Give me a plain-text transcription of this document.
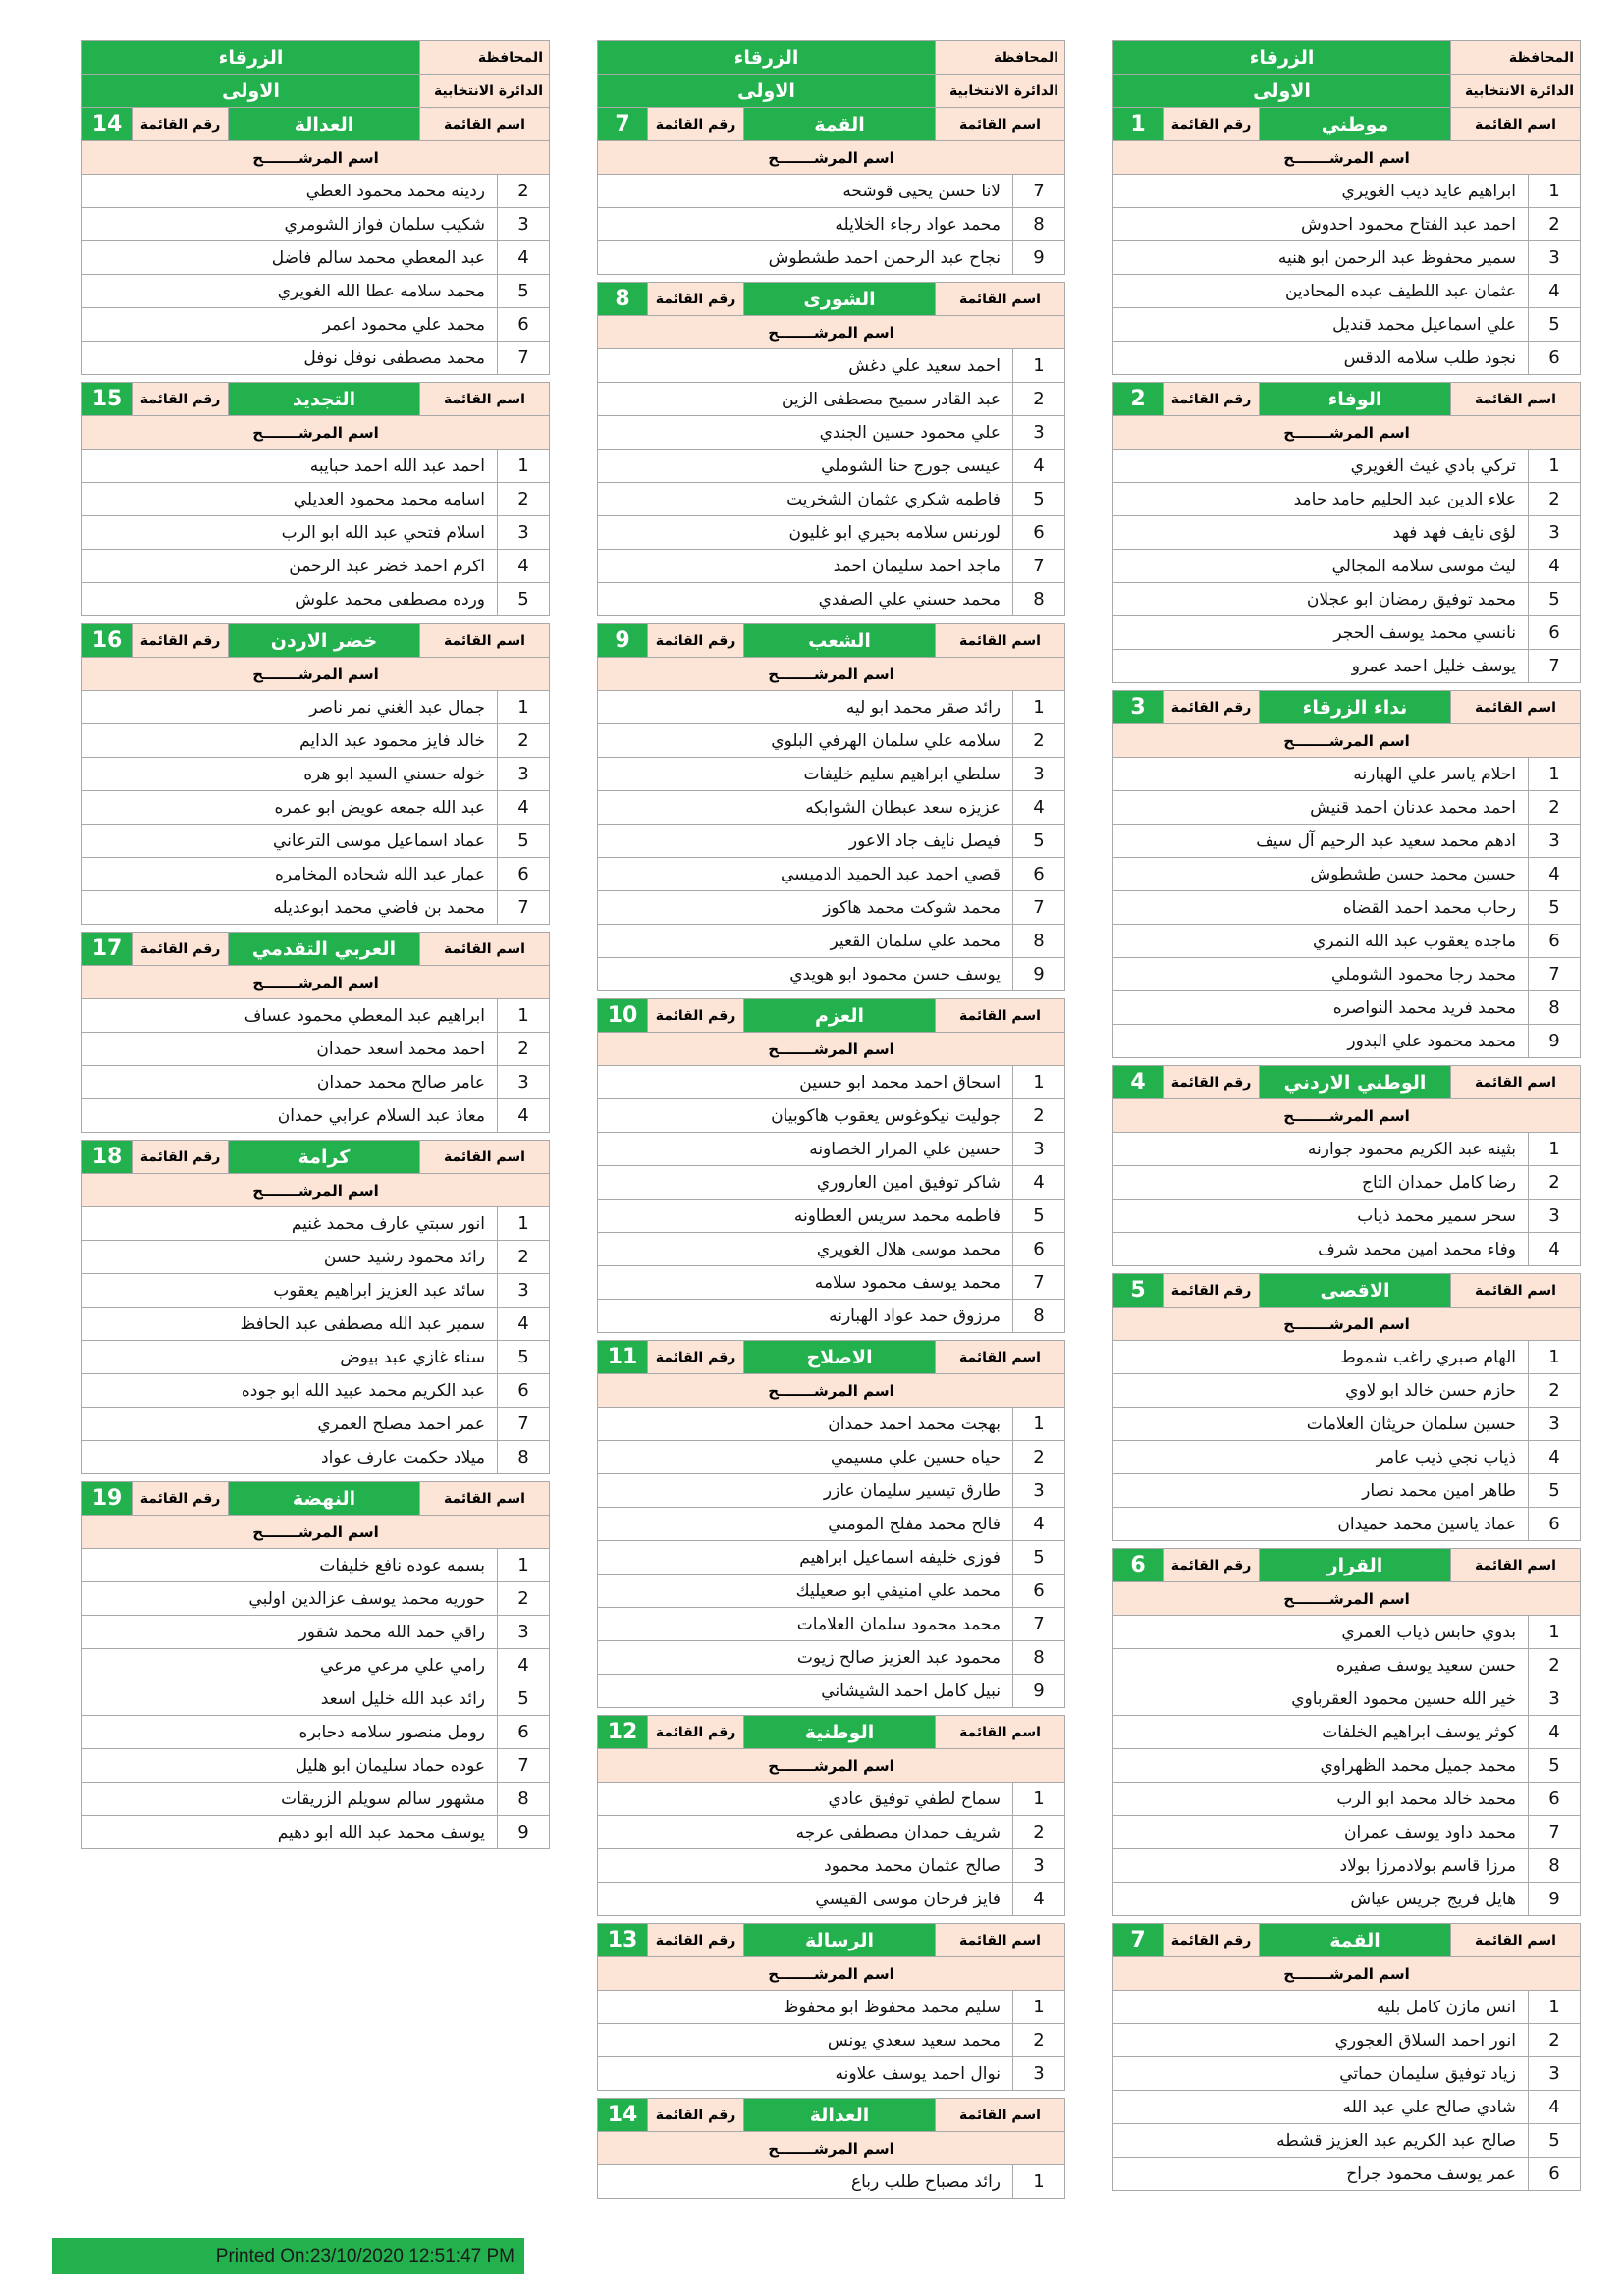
المحافظة
الزرقاء
الدائرة الانتخابية
الاولى
اسم القائمة
موطني
رقم القائمة
1
اسم المرشـــــــح
1
ابراهيم عايد ذيب الغويري
2
احمد عبد الفتاح محمود احدوش
3
سمير محفوظ عبد الرحمن ابو هنيه
4
عثمان عبد اللطيف عبده المحادين
5
علي اسماعيل محمد قنديل
6
نجود طلب سلامه الدقس
اسم القائمة
الوفاء
رقم القائمة
2
اسم المرشـــــــح
1
تركي بادي غيث الغويري
2
علاء الدين عبد الحليم حامد حامد
3
لؤى نايف فهد فهد
4
ليث موسى سلامه المجالي
5
محمد توفيق رمضان ابو عجلان
6
نانسي محمد يوسف الحجر
7
يوسف خليل احمد عمرو
اسم القائمة
نداء الزرقاء
رقم القائمة
3
اسم المرشـــــــح
1
احلام ياسر علي الهبارنه
2
احمد محمد عدنان احمد قنيش
3
ادهم محمد سعيد عبد الرحيم آل سيف
4
حسين محمد حسن طشطوش
5
رحاب محمد احمد القضاه
6
ماجده يعقوب عبد الله النمري
7
محمد رجا محمود الشوملي
8
محمد فريد محمد النواصره
9
محمد محمود علي البدور
اسم القائمة
الوطني الاردني
رقم القائمة
4
اسم المرشـــــــح
1
بثينه عبد الكريم محمود جوارنه
2
رضا كامل حمدان التاج
3
سحر سمير محمد ذياب
4
وفاء محمد امين محمد شرف
اسم القائمة
الاقصى
رقم القائمة
5
اسم المرشـــــــح
1
الهام صبري راغب شموط
2
حازم حسن خالد ابو لاوي
3
حسين سلمان حريثان العلامات
4
ذياب نجي ذيب عامر
5
طاهر امين محمد نصار
6
عماد ياسين محمد حميدان
اسم القائمة
القرار
رقم القائمة
6
اسم المرشـــــــح
1
بدوي حابس ذياب العمري
2
حسن سعيد يوسف صفيره
3
خير الله حسين محمود العقرباوي
4
كوثر يوسف ابراهيم الخلفات
5
محمد جميل محمد الظهراوي
6
محمد خالد محمد ابو الرب
7
محمد داود يوسف عمران
8
مرزا قاسم بولادمرزا بولاد
9
هايل فريج جريس عياش
اسم القائمة
القمة
رقم القائمة
7
اسم المرشـــــــح
1
انس مازن كامل بليه
2
انور احمد السلاق العجوري
3
زياد توفيق سليمان حماتي
4
شادي صالح علي عبد الله
5
صالح عبد الكريم عبد العزيز قشطه
6
عمر يوسف محمود جراح
المحافظة
الزرقاء
الدائرة الانتخابية
الاولى
اسم القائمة
القمة
رقم القائمة
7
اسم المرشـــــــح
7
لانا حسن يحيى قوشحه
8
محمد عواد رجاء الخلايله
9
نجاح عبد الرحمن احمد طشطوش
اسم القائمة
الشورى
رقم القائمة
8
اسم المرشـــــــح
1
احمد سعيد علي دغش
2
عبد القادر سميح مصطفى الزين
3
علي محمود حسين الجندي
4
عيسى جورج حنا الشوملي
5
فاطمه شكري عثمان الشخريت
6
لورنس سلامه بحيري ابو غليون
7
ماجد احمد سليمان احمد
8
محمد حسني علي الصفدي
اسم القائمة
الشعب
رقم القائمة
9
اسم المرشـــــــح
1
رائد صقر محمد ابو ليه
2
سلامه علي سلمان الهرفي البلوي
3
سلطي ابراهيم سليم خليفات
4
عزيزه سعد عبطان الشوابكه
5
فيصل نايف جاد الاعور
6
قصي احمد عبد الحميد الدميسي
7
محمد شوكت محمد هاكوز
8
محمد علي سلمان القعير
9
يوسف حسن محمود ابو هويدي
اسم القائمة
العزم
رقم القائمة
10
اسم المرشـــــــح
1
اسحاق احمد محمد ابو حسين
2
جوليت نيكوغوس يعقوب هاكوبيان
3
حسين علي المرار الخصاونه
4
شاكر توفيق امين العاروري
5
فاطمه محمد سريس العطاونه
6
محمد موسى هلال الغويري
7
محمد يوسف محمود سلامه
8
مرزوق حمد عواد الهبارنه
اسم القائمة
الاصلاح
رقم القائمة
11
اسم المرشـــــــح
1
بهجت محمد احمد حمدان
2
حياه حسين علي مسيمي
3
طارق تيسير سليمان عازر
4
فالح محمد مفلح المومني
5
فوزى خليفه اسماعيل ابراهيم
6
محمد علي امنيفي ابو صعيليك
7
محمد محمود سلمان العلامات
8
محمود عبد العزيز صالح زيوت
9
نبيل كامل احمد الشيشاني
اسم القائمة
الوطنية
رقم القائمة
12
اسم المرشـــــــح
1
سماح لطفي توفيق عادي
2
شريف حمدان مصطفى عرجه
3
صالح عثمان محمد محمود
4
فايز فرحان موسى القيسي
اسم القائمة
الرسالة
رقم القائمة
13
اسم المرشـــــــح
1
سليم محمد محفوظ ابو محفوظ
2
محمد سعيد سعدي يونس
3
نوال احمد يوسف علاونه
اسم القائمة
العدالة
رقم القائمة
14
اسم المرشـــــــح
1
رائد مصباح طلب رباع
المحافظة
الزرقاء
الدائرة الانتخابية
الاولى
اسم القائمة
العدالة
رقم القائمة
14
اسم المرشـــــــح
2
ردينه محمد محمود العطي
3
شكيب سلمان فواز الشومري
4
عبد المعطي محمد سالم فاضل
5
محمد سلامه عطا الله الغويري
6
محمد علي محمود اعمر
7
محمد مصطفى نوفل نوفل
اسم القائمة
التجديد
رقم القائمة
15
اسم المرشـــــــح
1
احمد عبد الله احمد حبايبه
2
اسامه محمد محمود العديلي
3
اسلام فتحي عبد الله ابو الرب
4
اكرم احمد خضر عبد الرحمن
5
ورده مصطفى محمد علوش
اسم القائمة
خضر الاردن
رقم القائمة
16
اسم المرشـــــــح
1
جمال عبد الغني نمر ناصر
2
خالد فايز محمود عبد الدايم
3
خوله حسني السيد ابو هره
4
عبد الله جمعه عويض ابو عمره
5
عماد اسماعيل موسى الترعاني
6
عمار عبد الله شحاده المخامره
7
محمد بن فاضي محمد ابوعديله
اسم القائمة
العربي التقدمي
رقم القائمة
17
اسم المرشـــــــح
1
ابراهيم عبد المعطي محمود عساف
2
احمد محمد اسعد حمدان
3
عامر صالح محمد حمدان
4
معاذ عبد السلام عرابي حمدان
اسم القائمة
كرامة
رقم القائمة
18
اسم المرشـــــــح
1
انور سبتي عارف محمد غنيم
2
رائد محمود رشيد حسن
3
سائد عبد العزيز ابراهيم يعقوب
4
سمير عبد الله مصطفى عبد الحافظ
5
سناء غازي عبد بيوض
6
عبد الكريم محمد عبيد الله ابو جوده
7
عمر احمد مصلح العمري
8
ميلاد حكمت عارف عواد
اسم القائمة
النهضة
رقم القائمة
19
اسم المرشـــــــح
1
بسمه عوده نافع خليفات
2
حوريه محمد يوسف عزالدين اولبي
3
راقي حمد الله محمد شقور
4
رامي علي مرعي مرعي
5
رائد عبد الله خليل اسعد
6
رومل منصور سلامه دحابره
7
عوده حماد سليمان ابو هليل
8
مشهور سالم سويلم الزريقات
9
يوسف محمد عبد الله ابو دهيم
Printed On:23/10/2020 12:51:47 PM
